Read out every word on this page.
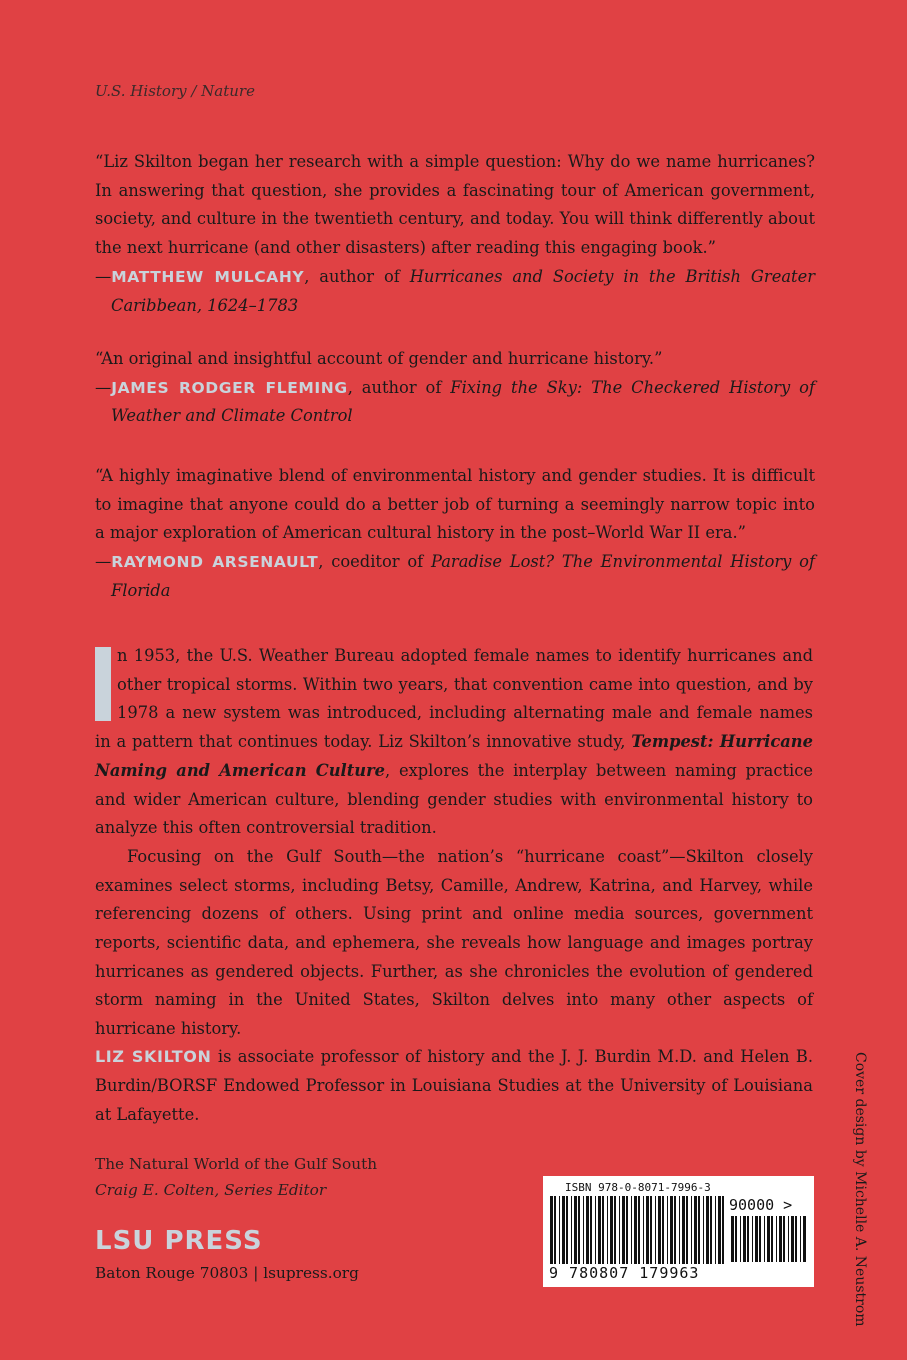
U.S. History / Nature

“Liz Skilton began her research with a simple question: Why do we name hurricanes? In answering that question, she provides a fascinating tour of American government, society, and culture in the twentieth century, and today. You will think differently about the next hurricane (and other disasters) after reading this engaging book.”

—MATTHEW MULCAHY, author of Hurricanes and Society in the British Greater Caribbean, 1624–1783

“An original and insightful account of gender and hurricane history.”

—JAMES RODGER FLEMING, author of Fixing the Sky: The Checkered History of Weather and Climate Control

“A highly imaginative blend of environmental history and gender studies. It is difficult to imagine that anyone could do a better job of turning a seemingly narrow topic into a major exploration of American cultural history in the post–World War II era.”

—RAYMOND ARSENAULT, coeditor of Paradise Lost? The Environmental History of Florida

n 1953, the U.S. Weather Bureau adopted female names to identify hurricanes and other tropical storms. Within two years, that convention came into question, and by 1978 a new system was introduced, including alternating male and female names in a pattern that continues today. Liz Skilton’s innovative study, Tempest: Hurricane Naming and American Culture, explores the interplay between naming practice and wider American culture, blending gender studies with environmental history to analyze this often controversial tradition.

Focusing on the Gulf South—the nation’s “hurricane coast”—Skilton closely examines select storms, including Betsy, Camille, Andrew, Katrina, and Harvey, while referencing dozens of others. Using print and online media sources, government reports, scientific data, and ephemera, she reveals how language and images portray hurricanes as gendered objects. Further, as she chronicles the evolution of gendered storm naming in the United States, Skilton delves into many other aspects of hurricane history.

LIZ SKILTON is associate professor of history and the J. J. Burdin M.D. and Helen B. Burdin/BORSF Endowed Professor in Louisiana Studies at the University of Louisiana at Lafayette.
The Natural World of the Gulf South
Craig E. Colten, Series Editor
LSU PRESS
Baton Rouge 70803 | lsupress.org	Cover design by Michelle A. Neustrom
ISBN 978-0-8071-7996-3
90000 >
9 780807 179963
